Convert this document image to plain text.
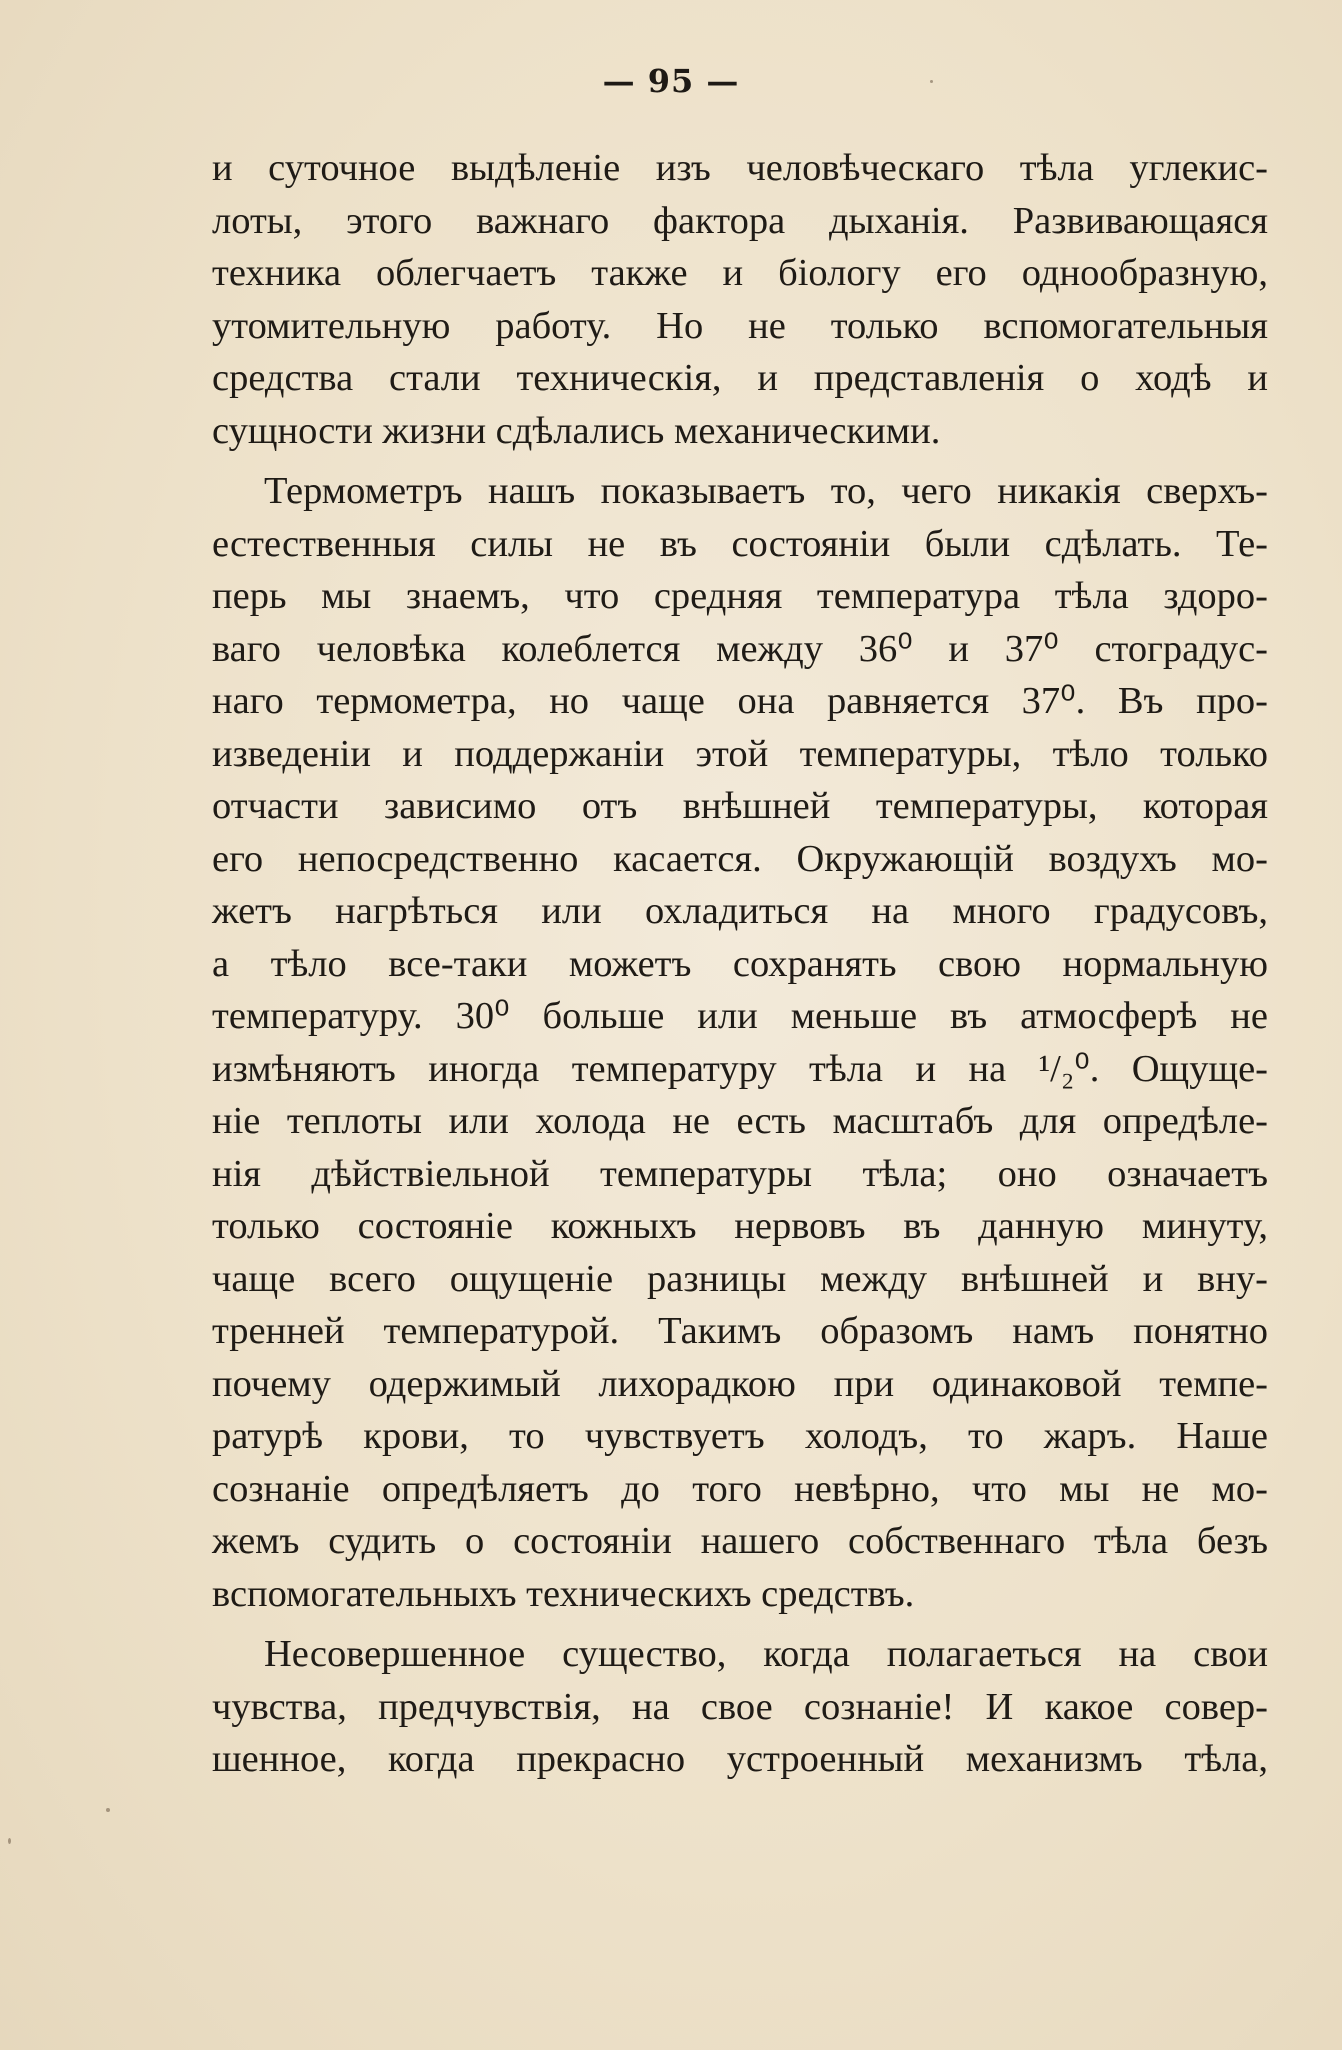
— 95 —
и суточное выдѣленіе изъ человѣческаго тѣла углекис-
лоты, этого важнаго фактора дыханія. Развивающаяся
техника облегчаетъ также и біологу его однообразную,
утомительную работу. Но не только вспомогательныя
средства стали техническія, и представленія о ходѣ и
сущности жизни сдѣлались механическими.
Термометръ нашъ показываетъ то, чего никакія сверхъ-
естественныя силы не въ состояніи были сдѣлать. Те-
перь мы знаемъ, что средняя температура тѣла здоро-
ваго человѣка колеблется между 36⁰ и 37⁰ стоградус-
наго термометра, но чаще она равняется 37⁰. Въ про-
изведеніи и поддержаніи этой температуры, тѣло только
отчасти зависимо отъ внѣшней температуры, которая
его непосредственно касается. Окружающій воздухъ мо-
жетъ нагрѣться или охладиться на много градусовъ,
а тѣло все-таки можетъ сохранять свою нормальную
температуру. 30⁰ больше или меньше въ атмосферѣ не
измѣняютъ иногда температуру тѣла и на ¹/₂⁰. Ощуще-
ніе теплоты или холода не есть масштабъ для опредѣле-
нія дѣйствіельной температуры тѣла; оно означаетъ
только состояніе кожныхъ нервовъ въ данную минуту,
чаще всего ощущеніе разницы между внѣшней и вну-
тренней температурой. Такимъ образомъ намъ понятно
почему одержимый лихорадкою при одинаковой темпе-
ратурѣ крови, то чувствуетъ холодъ, то жаръ. Наше
сознаніе опредѣляетъ до того невѣрно, что мы не мо-
жемъ судить о состояніи нашего собственнаго тѣла безъ
вспомогательныхъ техническихъ средствъ.
Несовершенное существо, когда полагаеться на свои
чувства, предчувствія, на свое сознаніе! И какое совер-
шенное, когда прекрасно устроенный механизмъ тѣла,
